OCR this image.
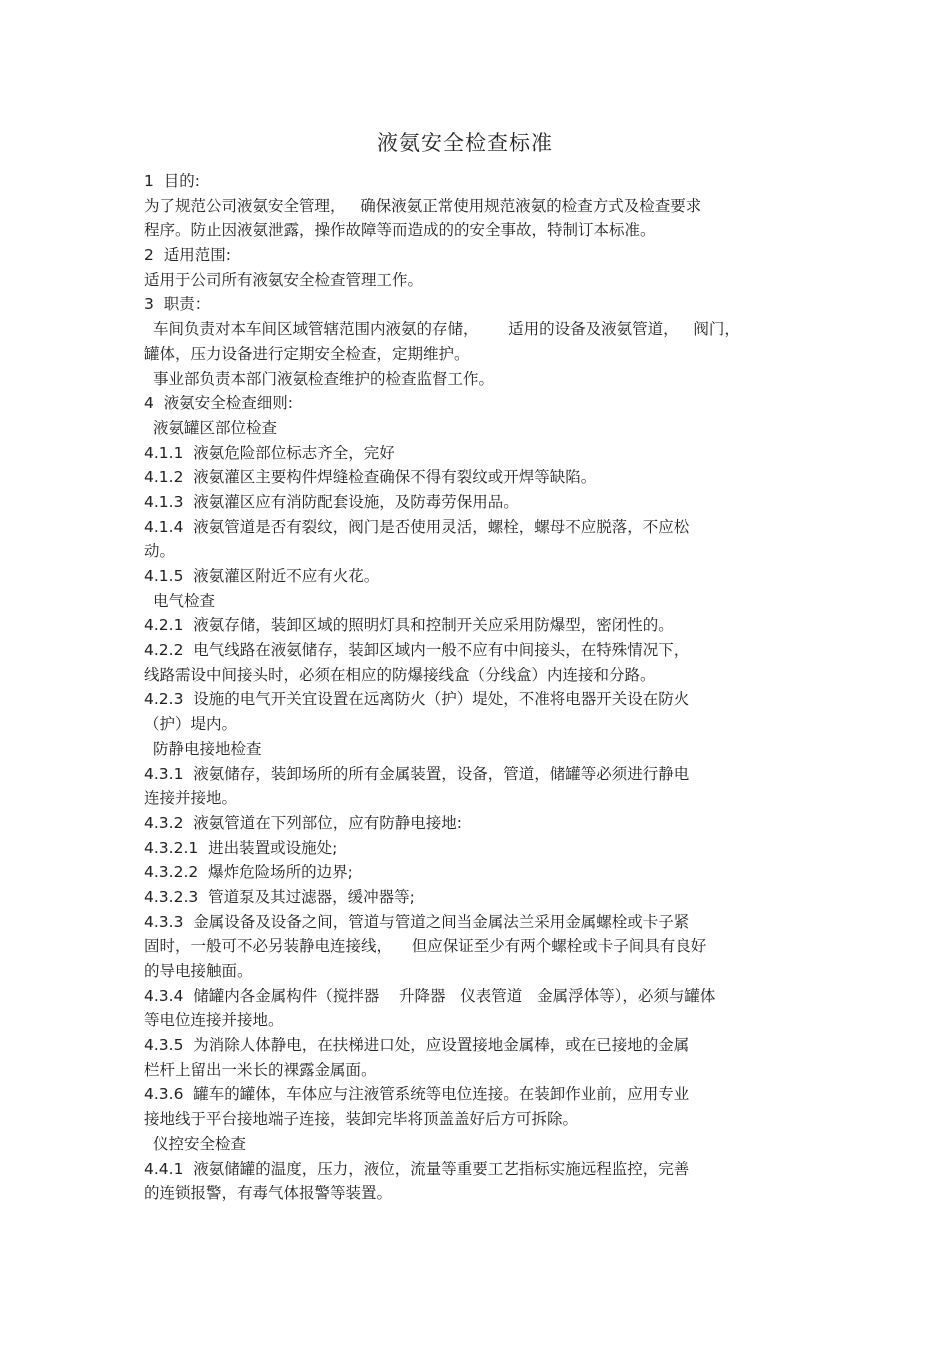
液氨安全检查标准
1  目的:
为了规范公司液氨安全管理，   确保液氨正常使用规范液氨的检查方式及检查要求
程序。防止因液氨泄露，操作故障等而造成的的安全事故，特制订本标准。
2  适用范围:
适用于公司所有液氨安全检查管理工作。
3  职责：
车间负责对本车间区域管辖范围内液氨的存储，      适用的设备及液氨管道，   阀门，
罐体，压力设备进行定期安全检查，定期维护。
事业部负责本部门液氨检查维护的检查监督工作。
4  液氨安全检查细则:
液氨罐区部位检查
4.1.1  液氨危险部位标志齐全，完好
4.1.2  液氨灌区主要构件焊缝检查确保不得有裂纹或开焊等缺陷。
4.1.3  液氨灌区应有消防配套设施，及防毒劳保用品。
4.1.4  液氨管道是否有裂纹，阀门是否使用灵活，螺栓，螺母不应脱落，不应松
动。
4.1.5  液氨灌区附近不应有火花。
电气检查
4.2.1  液氨存储，装卸区域的照明灯具和控制开关应采用防爆型，密闭性的。
4.2.2  电气线路在液氨储存，装卸区域内一般不应有中间接头，在特殊情况下，
线路需设中间接头时，必须在相应的防爆接线盒（分线盒）内连接和分路。
4.2.3  设施的电气开关宜设置在远离防火（护）堤处，不准将电器开关设在防火
（护）堤内。
防静电接地检查
4.3.1  液氨储存，装卸场所的所有金属装置，设备，管道，储罐等必须进行静电
连接并接地。
4.3.2  液氨管道在下列部位，应有防静电接地:
4.3.2.1  进出装置或设施处;
4.3.2.2  爆炸危险场所的边界;
4.3.2.3  管道泵及其过滤器，缓冲器等;
4.3.3  金属设备及设备之间，管道与管道之间当金属法兰采用金属螺栓或卡子紧
固时，一般可不必另装静电连接线，    但应保证至少有两个螺栓或卡子间具有良好
的导电接触面。
4.3.4  储罐内各金属构件（搅拌器    升降器   仪表管道   金属浮体等），必须与罐体
等电位连接并接地。
4.3.5  为消除人体静电，在扶梯进口处，应设置接地金属棒，或在已接地的金属
栏杆上留出一米长的裸露金属面。
4.3.6  罐车的罐体，车体应与注液管系统等电位连接。在装卸作业前，应用专业
接地线于平台接地端子连接，装卸完毕将顶盖盖好后方可拆除。
仪控安全检查
4.4.1  液氨储罐的温度，压力，液位，流量等重要工艺指标实施远程监控，完善
的连锁报警，有毒气体报警等装置。
